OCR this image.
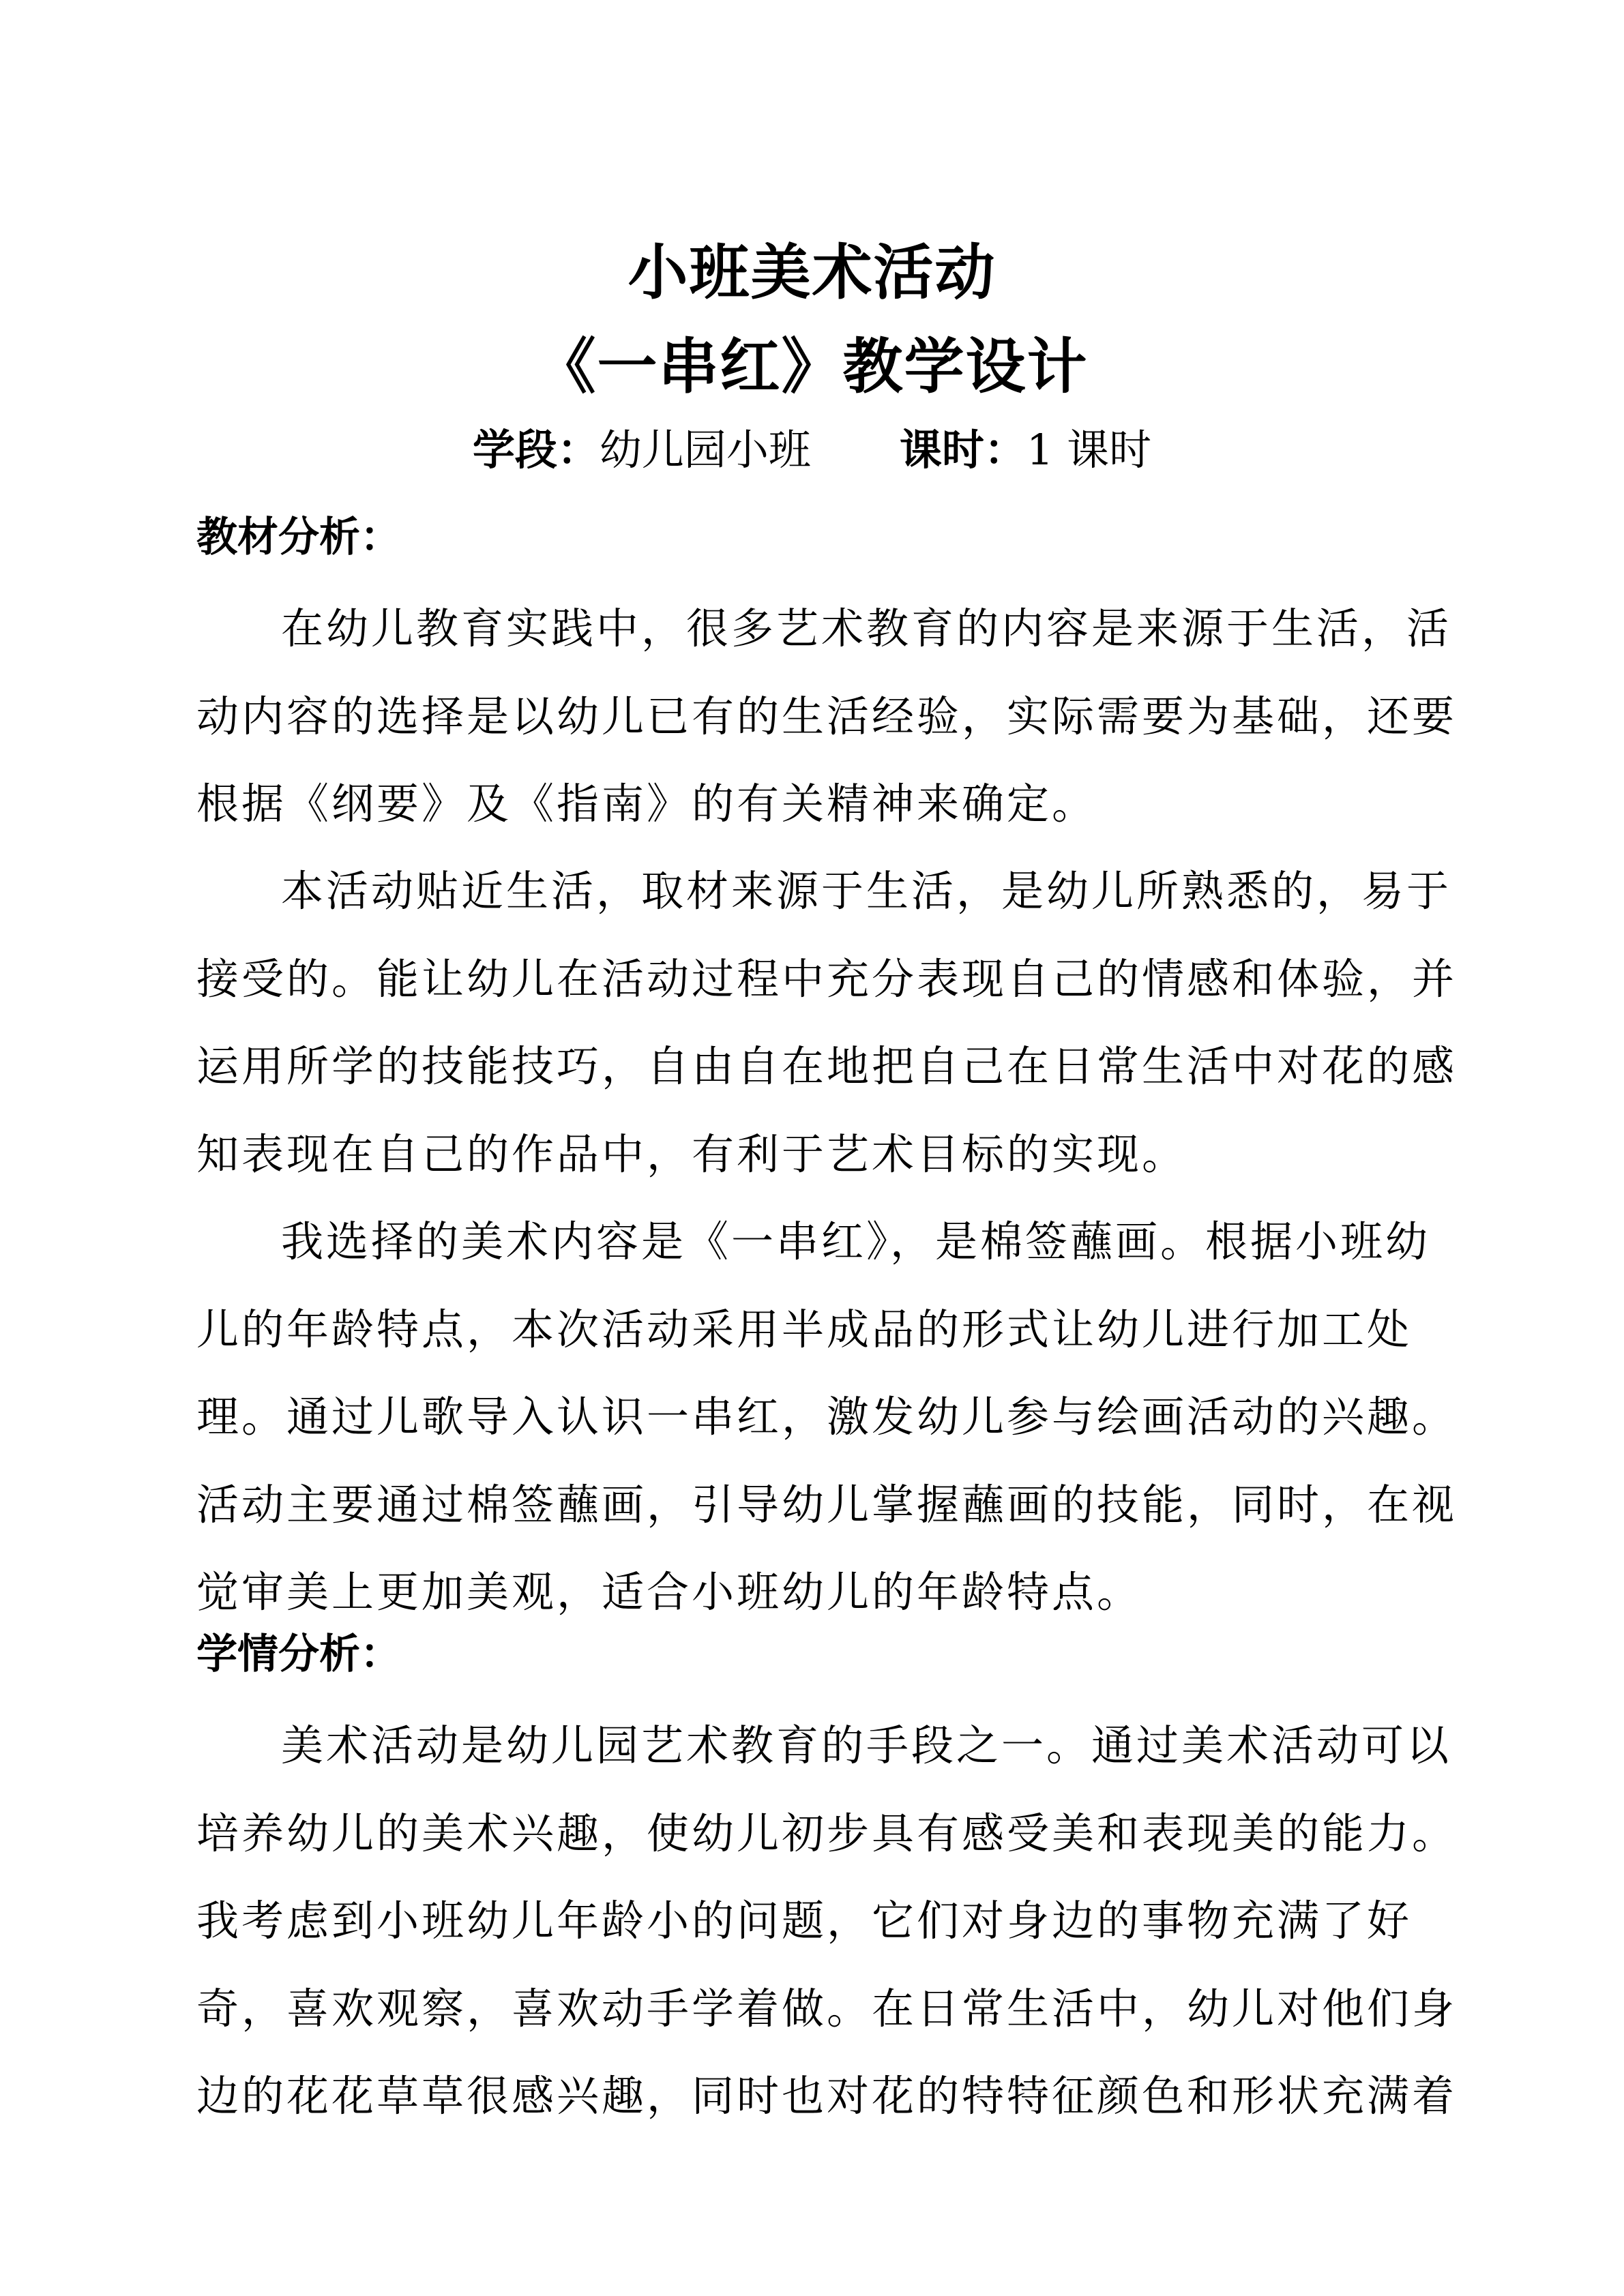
小班美术活动
《一串红》教学设计
学段：幼儿园小班 课时：1 课时
教材分析：
在幼儿教育实践中，很多艺术教育的内容是来源于生活，活
动内容的选择是以幼儿已有的生活经验，实际需要为基础，还要
根据《纲要》及《指南》的有关精神来确定。
本活动贴近生活，取材来源于生活，是幼儿所熟悉的，易于
接受的。能让幼儿在活动过程中充分表现自己的情感和体验，并
运用所学的技能技巧，自由自在地把自己在日常生活中对花的感
知表现在自己的作品中，有利于艺术目标的实现。
我选择的美术内容是《一串红》，是棉签蘸画。根据小班幼
儿的年龄特点，本次活动采用半成品的形式让幼儿进行加工处
理。通过儿歌导入认识一串红，激发幼儿参与绘画活动的兴趣。
活动主要通过棉签蘸画，引导幼儿掌握蘸画的技能，同时，在视
觉审美上更加美观，适合小班幼儿的年龄特点。
学情分析：
美术活动是幼儿园艺术教育的手段之一。通过美术活动可以
培养幼儿的美术兴趣，使幼儿初步具有感受美和表现美的能力。
我考虑到小班幼儿年龄小的问题，它们对身边的事物充满了好
奇，喜欢观察，喜欢动手学着做。在日常生活中，幼儿对他们身
边的花花草草很感兴趣，同时也对花的特特征颜色和形状充满着
